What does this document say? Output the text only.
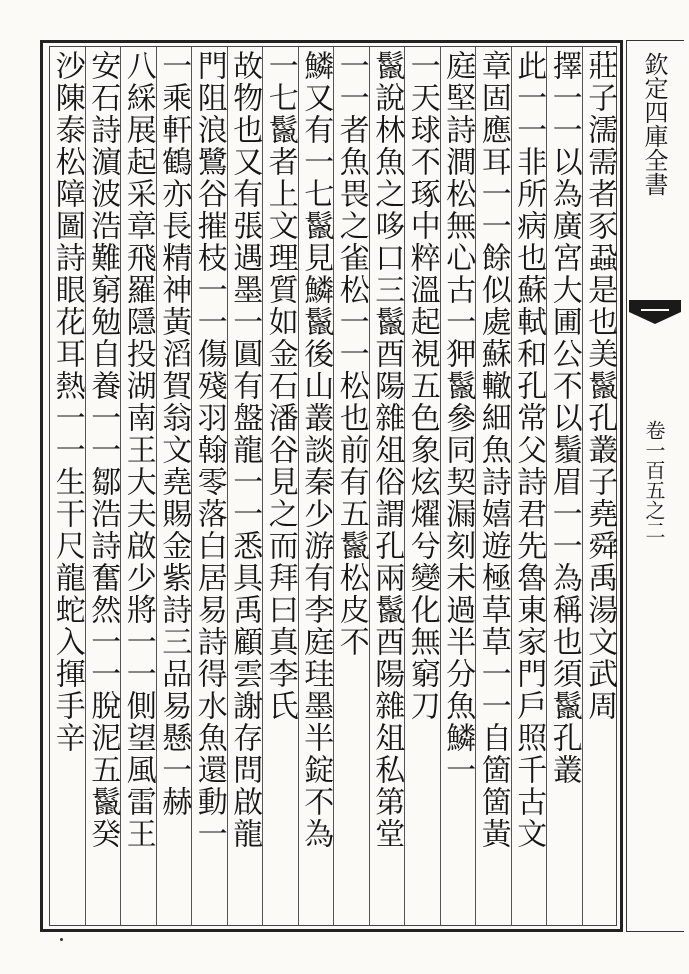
莊子濡需者豕蝨是也美鬣孔叢子堯舜禹湯文武周
擇一一以為廣宮大圃公不以鬚眉一一為稱也須鬣孔叢
此一一非所病也蘇軾和孔常父詩君先魯東家門戶照千古文
章固應耳一一餘似處蘇轍細魚詩嬉遊極草草一一自箇箇黃
庭堅詩澗松無心古一狎鬣參同契漏刻未過半分魚鱗一
一天球不琢中粹溫起視五色象炫燿兮變化無窮刀
鬣說林魚之哆口三鬣酉陽雜俎俗謂孔兩鬣酉陽雜俎私第堂
一一者魚畏之雀松一一松也前有五鬣松皮不
鱗又有一七鬣見鱗鬣後山叢談秦少游有李庭珪墨半錠不為
一七鬣者上文理質如金石潘谷見之而拜曰真李氏
故物也又有張遇墨一圓有盤龍一一悉具禹顧雲謝存問啟龍
門阻浪鷺谷摧枝一一傷殘羽翰零落白居易詩得水魚還動一
一乘軒鶴亦長精神黃滔賀翁文堯賜金紫詩三品易懸一赫
八綵展起采章飛羅隱投湖南王大夫啟少將一一側望風雷王
安石詩濵波浩難窮勉自養一一鄒浩詩奮然一一脫泥五鬣癸
沙陳泰松障圖詩眼花耳熱一一生干尺龍蛇入揮手辛	欽定四庫全書
卷一百五之二
